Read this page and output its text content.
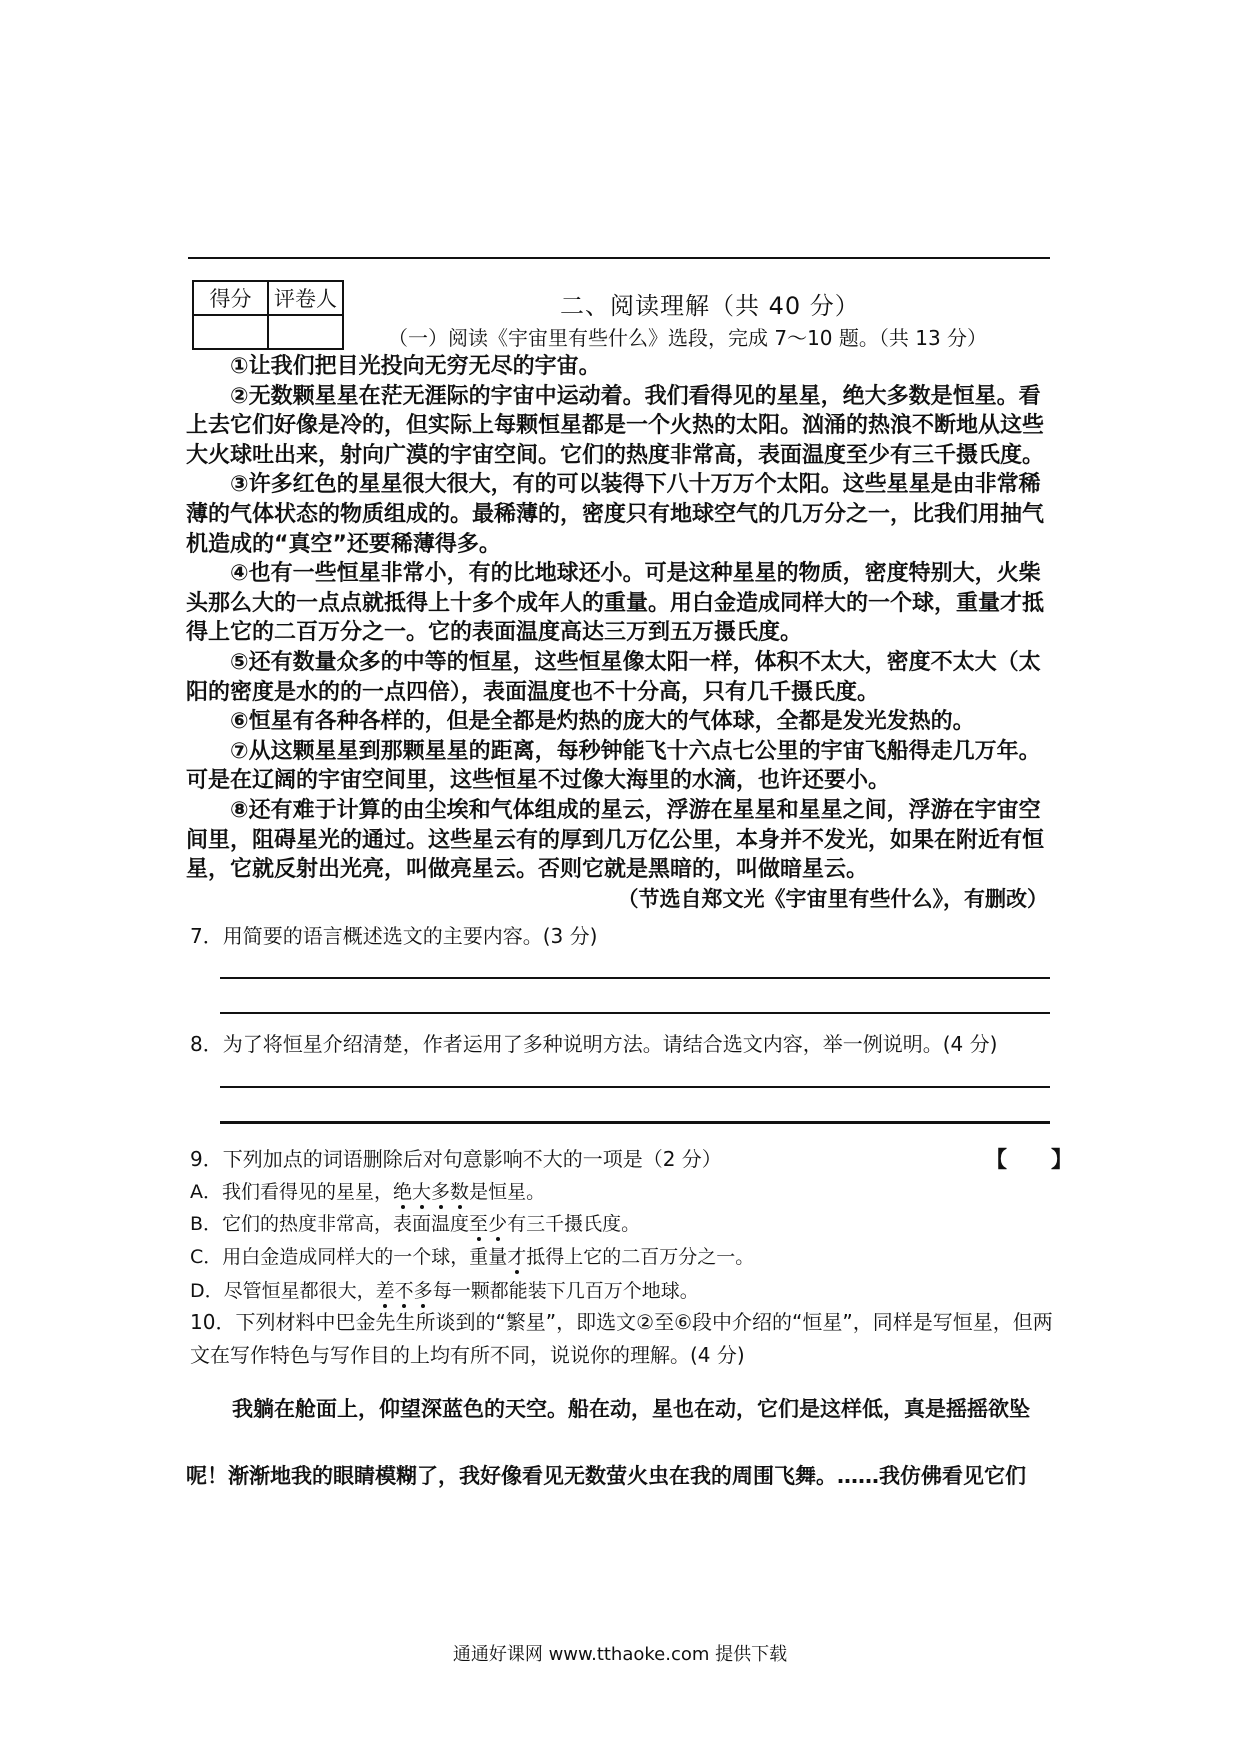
得分	评卷人
		二、阅读理解（共 40 分）
（一）阅读《宇宙里有些什么》选段，完成 7～10 题。（共 13 分）

①让我们把目光投向无穷无尽的宇宙。

②无数颗星星在茫无涯际的宇宙中运动着。我们看得见的星星，绝大多数是恒星。看上去它们好像是冷的，但实际上每颗恒星都是一个火热的太阳。汹涌的热浪不断地从这些大火球吐出来，射向广漠的宇宙空间。它们的热度非常高，表面温度至少有三千摄氏度。

③许多红色的星星很大很大，有的可以装得下八十万万个太阳。这些星星是由非常稀薄的气体状态的物质组成的。最稀薄的，密度只有地球空气的几万分之一，比我们用抽气机造成的“真空”还要稀薄得多。

④也有一些恒星非常小，有的比地球还小。可是这种星星的物质，密度特别大，火柴头那么大的一点点就抵得上十多个成年人的重量。用白金造成同样大的一个球，重量才抵得上它的二百万分之一。它的表面温度高达三万到五万摄氏度。

⑤还有数量众多的中等的恒星，这些恒星像太阳一样，体积不太大，密度不太大（太阳的密度是水的的一点四倍），表面温度也不十分高，只有几千摄氏度。

⑥恒星有各种各样的，但是全都是灼热的庞大的气体球，全都是发光发热的。

⑦从这颗星星到那颗星星的距离，每秒钟能飞十六点七公里的宇宙飞船得走几万年。可是在辽阔的宇宙空间里，这些恒星不过像大海里的水滴，也许还要小。

⑧还有难于计算的由尘埃和气体组成的星云，浮游在星星和星星之间，浮游在宇宙空间里，阻碍星光的通过。这些星云有的厚到几万亿公里，本身并不发光，如果在附近有恒星，它就反射出光亮，叫做亮星云。否则它就是黑暗的，叫做暗星云。

（节选自郑文光《宇宙里有些什么》，有删改）
7．用简要的语言概述选文的主要内容。(3 分)
8．为了将恒星介绍清楚，作者运用了多种说明方法。请结合选文内容，举一例说明。(4 分)
9．下列加点的词语删除后对句意影响不大的一项是（2 分）	【　　】
A．我们看得见的星星，绝大多数是恒星。
B．它们的热度非常高，表面温度至少有三千摄氏度。
C．用白金造成同样大的一个球，重量才抵得上它的二百万分之一。
D．尽管恒星都很大，差不多每一颗都能装下几百万个地球。
10．下列材料中巴金先生所谈到的“繁星”，即选文②至⑥段中介绍的“恒星”，同样是写恒星，但两文在写作特色与写作目的上均有所不同，说说你的理解。(4 分)
我躺在舱面上，仰望深蓝色的天空。船在动，星也在动，它们是这样低，真是摇摇欲坠
呢！渐渐地我的眼睛模糊了，我好像看见无数萤火虫在我的周围飞舞。……我仿佛看见它们
通通好课网 www.tthaoke.com 提供下载
